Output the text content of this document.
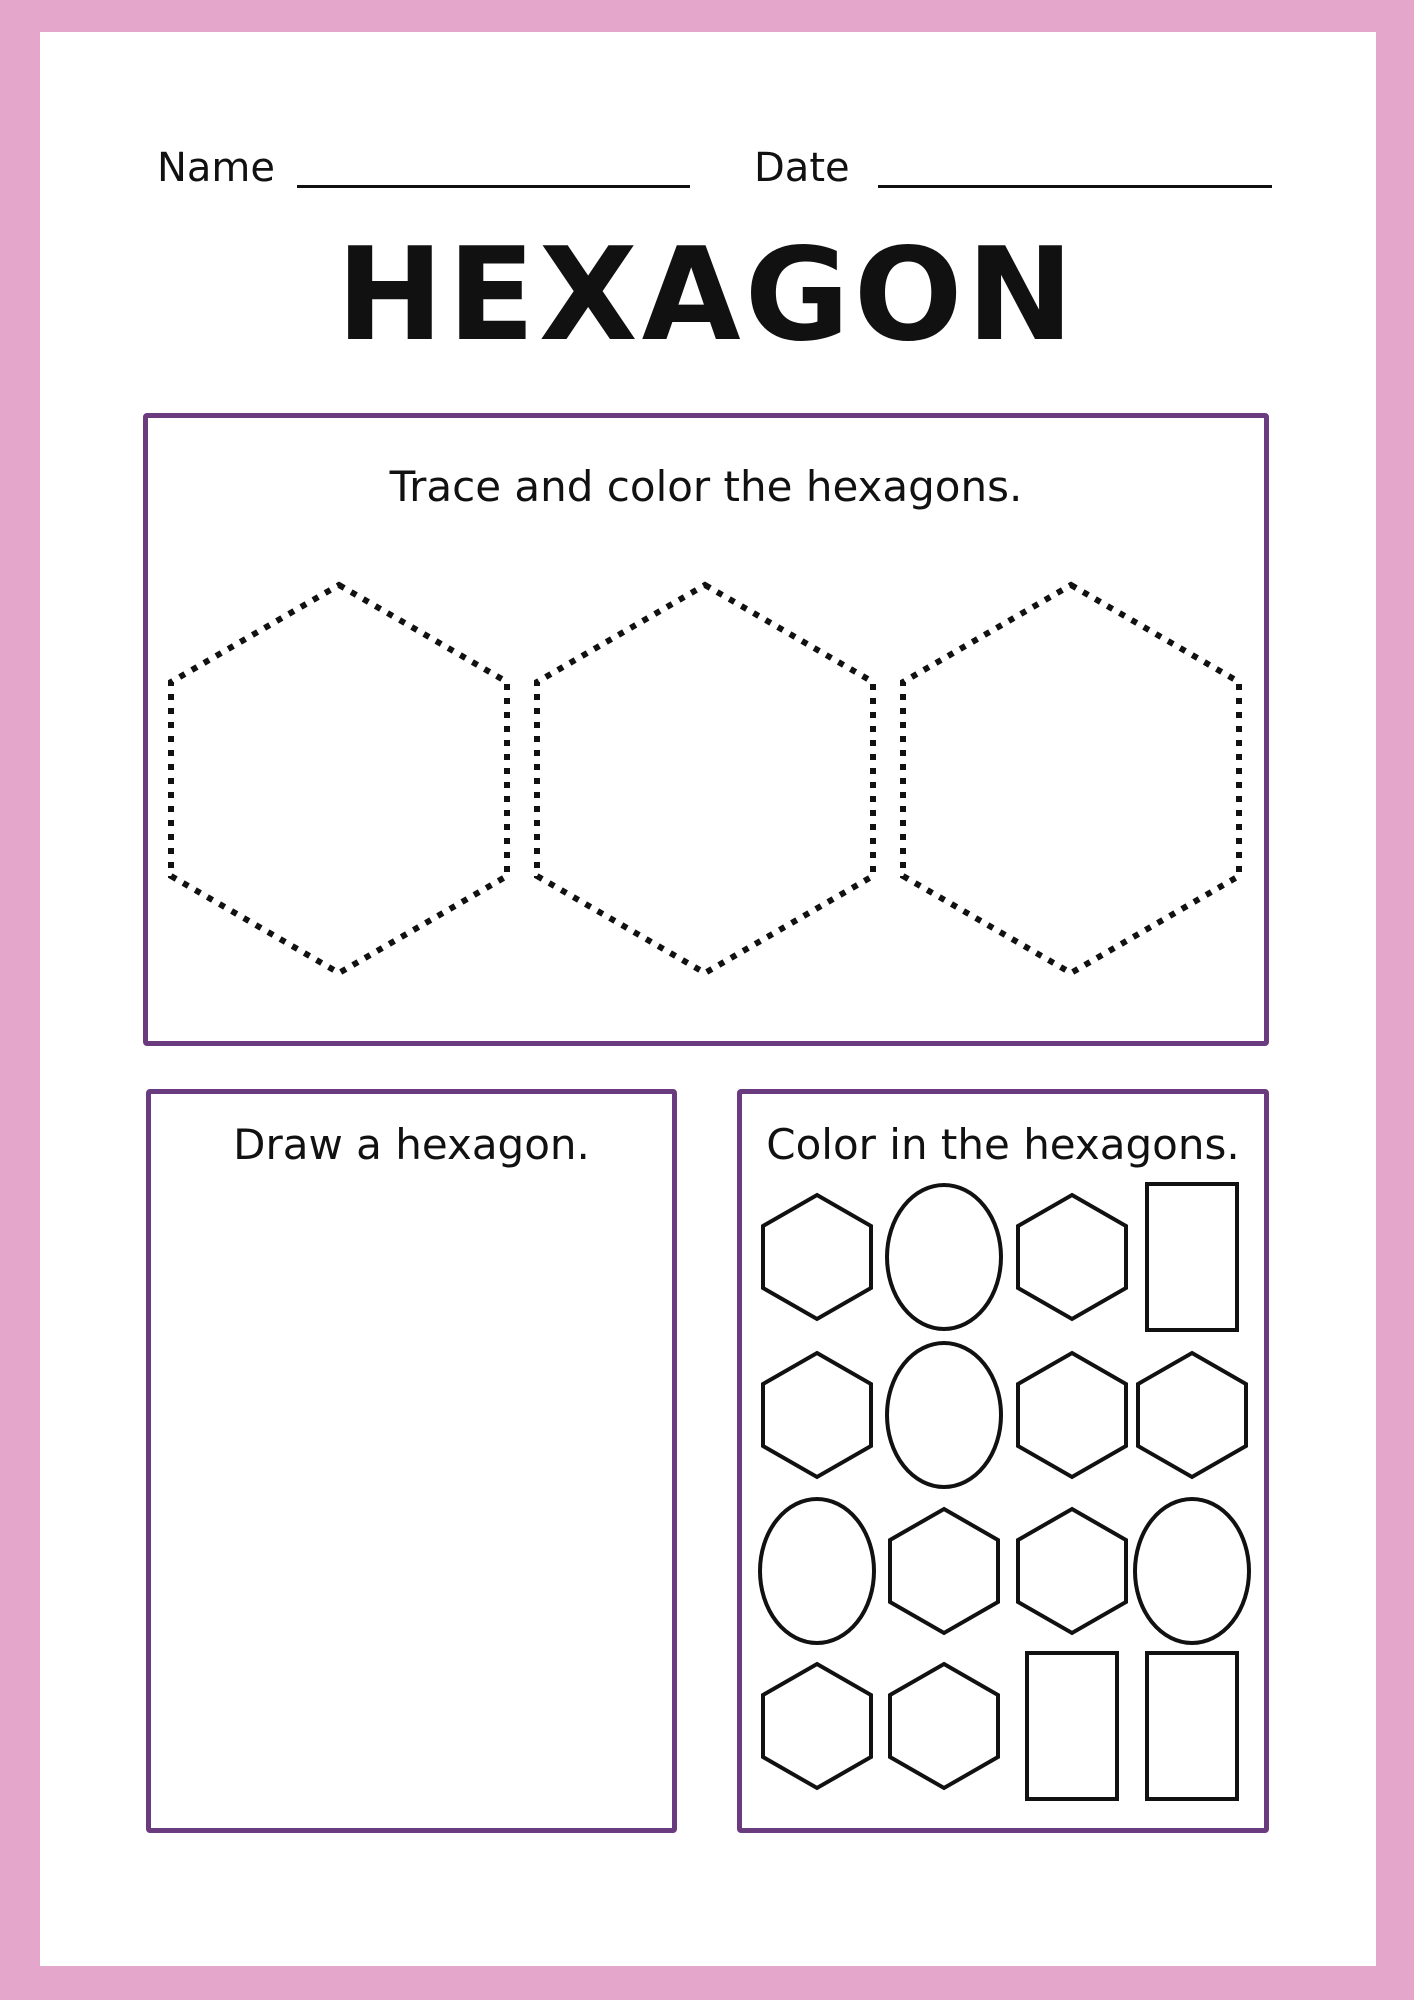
Name	Date
HEXAGON
Trace and color the hexagons.
Draw a hexagon.	Color in the hexagons.
